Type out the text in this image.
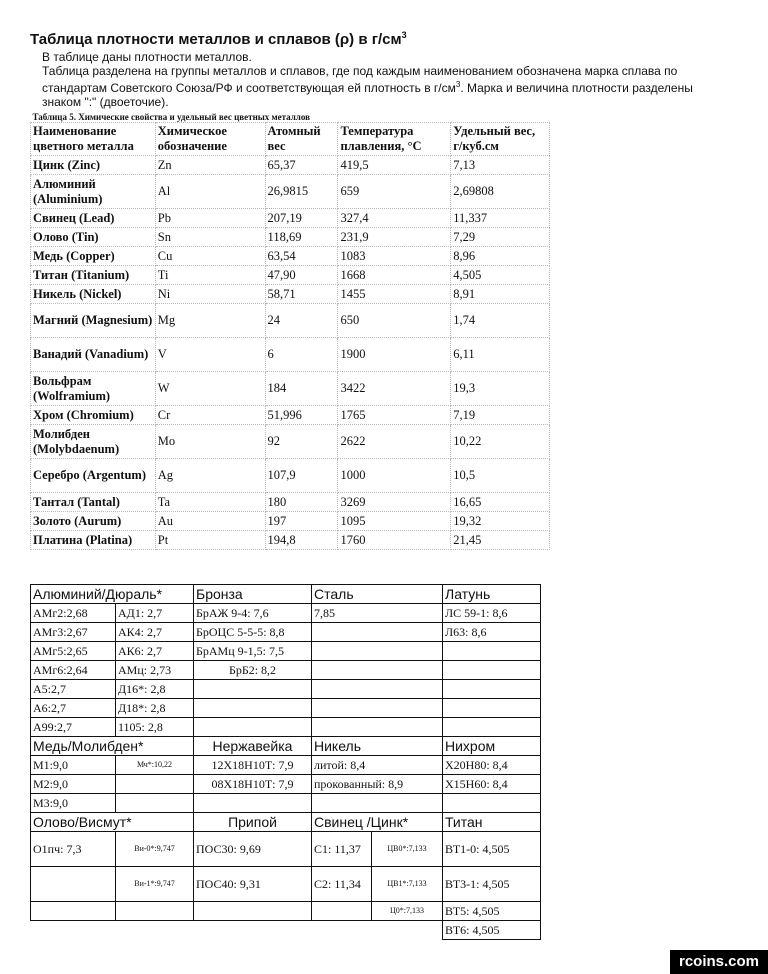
Таблица плотности металлов и сплавов (ρ) в $г/см^3$

В таблице даны плотности металлов.

Таблица разделена на группы металлов и сплавов, где под каждым наименованием обозначена марка сплава по стандартам Советского Союза/РФ и соответствующая ей плотность в $г/см^3$. Марка и величина плотности разделены знаком ":" (двоеточие).

Таблица 5. Химические свойства и удельный вес цветных металлов				
Наименование цветного металла	Химическое обозначение	Атомный вес	Температура плавления, °С	Удельный вес, г/куб.см
Цинк (Zinc)	Zn	65,37	419,5	7,13
Алюминий (Aluminium)	Al	26,9815	659	2,69808
Свинец (Lead)	Pb	207,19	327,4	11,337
Олово (Tin)	Sn	118,69	231,9	7,29
Медь (Copper)	Cu	63,54	1083	8,96
Титан (Titanium)	Ti	47,90	1668	4,505
Никель (Nickel)	Ni	58,71	1455	8,91
Магний (Magnesium)	Mg	24	650	1,74
Ванадий (Vanadium)	V	6	1900	6,11
Вольфрам (Wolframium)	W	184	3422	19,3
Хром (Chromium)	Cr	51,996	1765	7,19
Молибден (Molybdaenum)	Mo	92	2622	10,22
Серебро (Argentum)	Ag	107,9	1000	10,5
Тантал (Tantal)	Ta	180	3269	16,65
Золото (Aurum)	Au	197	1095	19,32
Платина (Platina)	Pt	194,8	1760	21,45
Алюминий/Дюраль*		Бронза	Сталь		Латунь
АМг2:2,68	АД1: 2,7	БрАЖ 9-4: 7,6	7,85		ЛС 59-1: 8,6
АМг3:2,67	АК4: 2,7	БрОЦС 5-5-5: 8,8			Л63: 8,6
АМг5:2,65	АК6: 2,7	БрАМц 9-1,5: 7,5			
АМг6:2,64	АМц: 2,73	БрБ2: 8,2			
А5:2,7	Д16*: 2,8				
А6:2,7	Д18*: 2,8				
А99:2,7	1105: 2,8				
Медь/Молибден*		Нержавейка	Никель		Нихром
М1:9,0	Мч*:10,22	12Х18Н10Т: 7,9	литой: 8,4		Х20Н80: 8,4
М2:9,0		08Х18Н10Т: 7,9	прокованный: 8,9		Х15Н60: 8,4
М3:9,0					
Олово/Висмут*		Припой	Свинец /Цинк*		Титан
О1пч: 7,3	Ви-0*:9,747	ПОС30: 9,69	С1: 11,37	ЦВ0*:7,133	ВТ1-0: 4,505
	Ви-1*:9,747	ПОС40: 9,31	С2: 11,34	ЦВ1*:7,133	ВТ3-1: 4,505
				Ц0*:7,133	ВТ5: 4,505
					ВТ6: 4,505
rcoins.com
